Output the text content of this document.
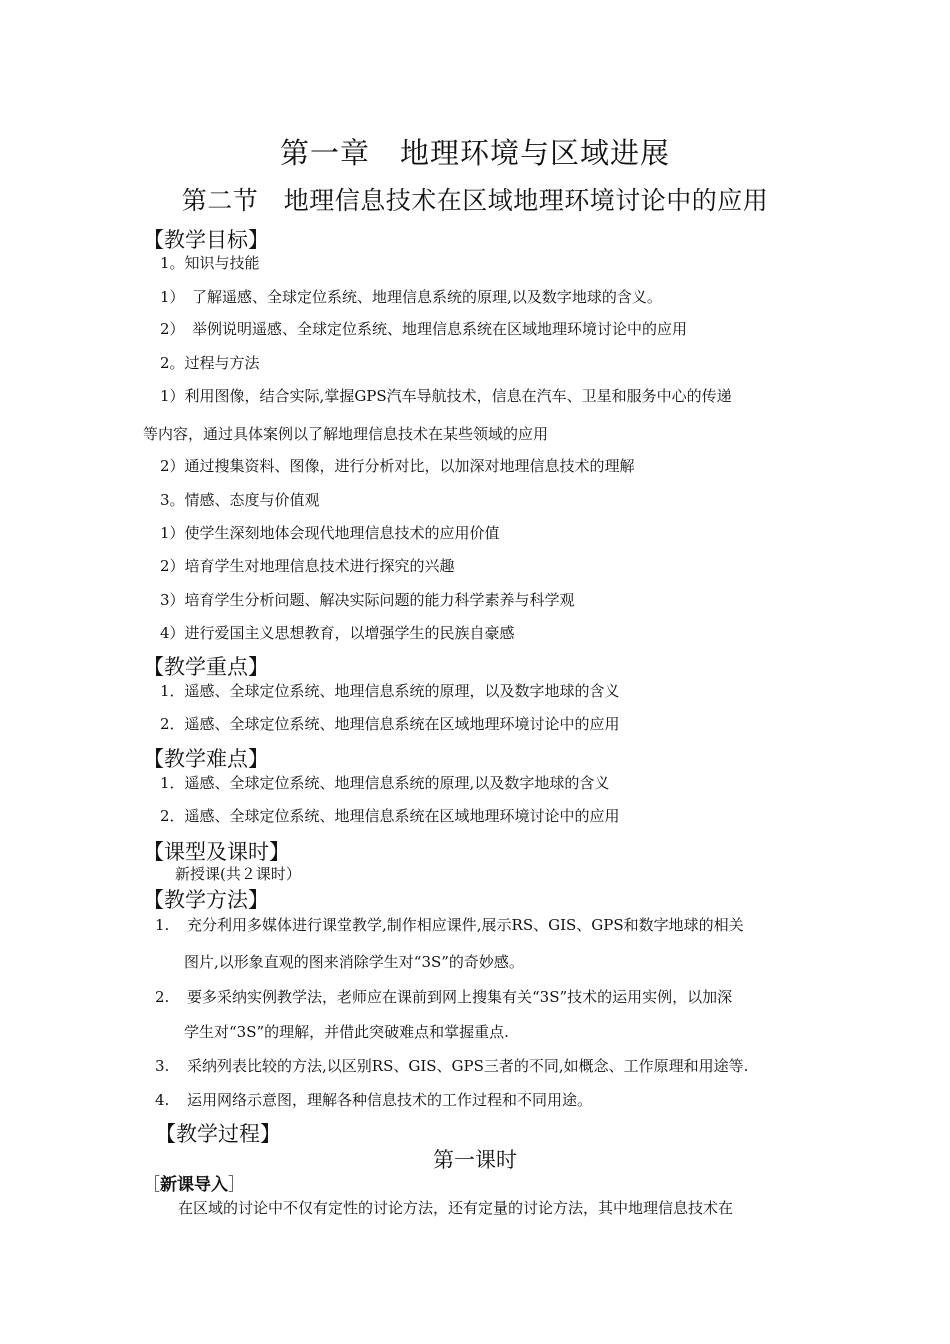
第一章　地理环境与区域进展
第二节　地理信息技术在区域地理环境讨论中的应用
【教学目标】
1。知识与技能
1）　了解遥感、全球定位系统、地理信息系统的原理,以及数字地球的含义。
2）　举例说明遥感、全球定位系统、地理信息系统在区域地理环境讨论中的应用
2。过程与方法
1）利用图像，结合实际,掌握GPS汽车导航技术，信息在汽车、卫星和服务中心的传递
等内容，通过具体案例以了解地理信息技术在某些领域的应用
2）通过搜集资料、图像，进行分析对比，以加深对地理信息技术的理解
3。情感、态度与价值观
1）使学生深刻地体会现代地理信息技术的应用价值
2）培育学生对地理信息技术进行探究的兴趣
3）培育学生分析问题、解决实际问题的能力科学素养与科学观
4）进行爱国主义思想教育，以增强学生的民族自豪感
【教学重点】
1．遥感、全球定位系统、地理信息系统的原理，以及数字地球的含义
2．遥感、全球定位系统、地理信息系统在区域地理环境讨论中的应用
【教学难点】
1．遥感、全球定位系统、地理信息系统的原理,以及数字地球的含义
2．遥感、全球定位系统、地理信息系统在区域地理环境讨论中的应用
【课型及课时】
新授课(共２课时）
【教学方法】
1. 充分利用多媒体进行课堂教学,制作相应课件,展示RS、GIS、GPS和数字地球的相关
图片,以形象直观的图来消除学生对“3S”的奇妙感。
2. 要多采纳实例教学法，老师应在课前到网上搜集有关“3S”技术的运用实例，以加深
学生对“3S”的理解，并借此突破难点和掌握重点.
3. 采纳列表比较的方法,以区别RS、GIS、GPS三者的不同,如概念、工作原理和用途等.
4. 运用网络示意图，理解各种信息技术的工作过程和不同用途。
【教学过程】
第一课时
［新课导入］
在区域的讨论中不仅有定性的讨论方法，还有定量的讨论方法，其中地理信息技术在
